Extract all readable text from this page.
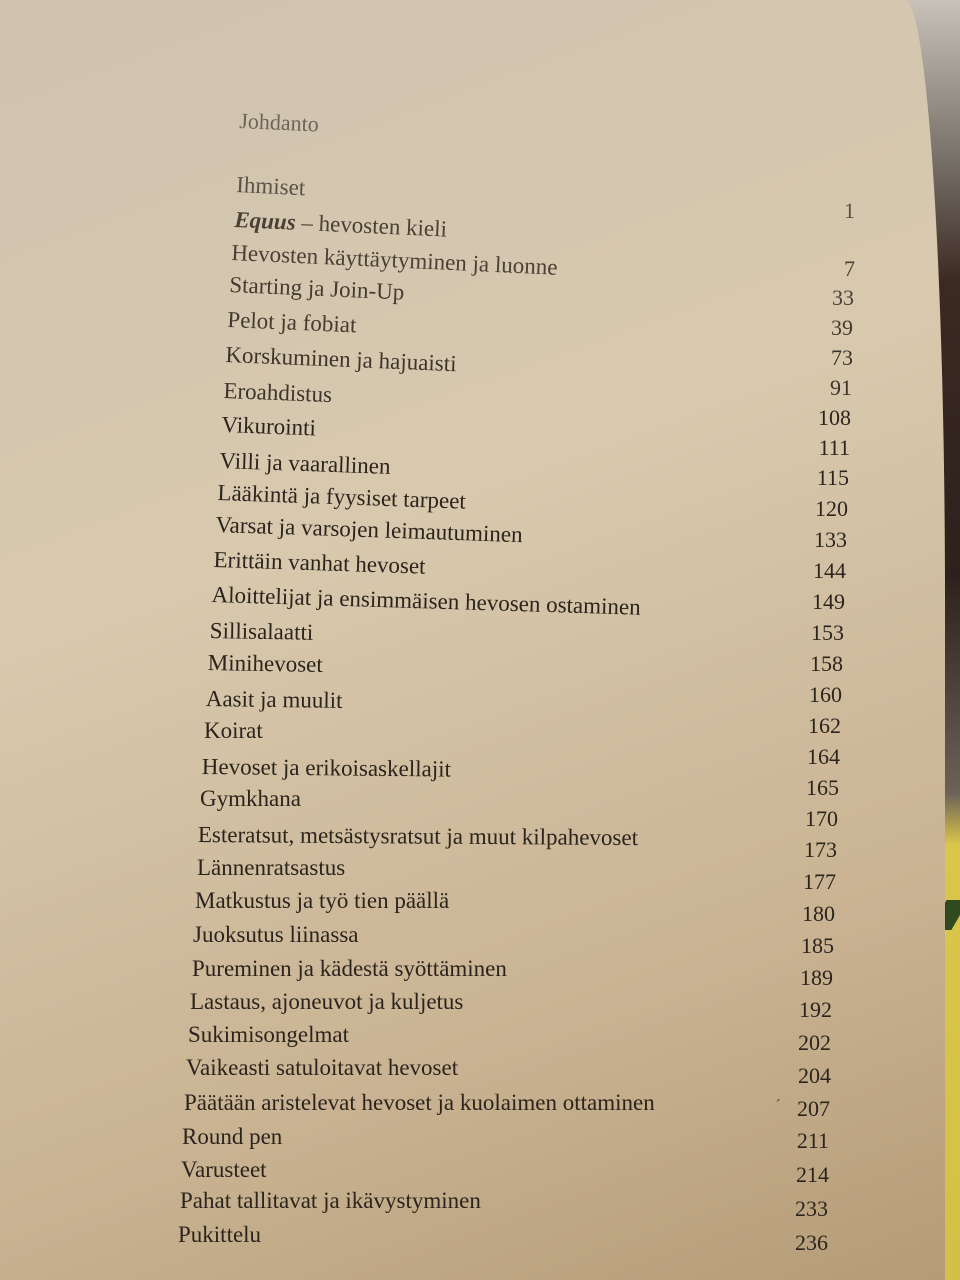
Johdanto
Ihmiset
Equus – hevosten kieli
Hevosten käyttäytyminen ja luonne
Starting ja Join-Up
Pelot ja fobiat
Korskuminen ja hajuaisti
Eroahdistus
Vikurointi
Villi ja vaarallinen
Lääkintä ja fyysiset tarpeet
Varsat ja varsojen leimautuminen
Erittäin vanhat hevoset
Aloittelijat ja ensimmäisen hevosen ostaminen
Sillisalaatti
Minihevoset
Aasit ja muulit
Koirat
Hevoset ja erikoisaskellajit
Gymkhana
Esteratsut, metsästysratsut ja muut kilpahevoset
Lännenratsastus
Matkustus ja työ tien päällä
Juoksutus liinassa
Pureminen ja kädestä syöttäminen
Lastaus, ajoneuvot ja kuljetus
Sukimisongelmat
Vaikeasti satuloitavat hevoset
Päätään aristelevat hevoset ja kuolaimen ottaminen
Round pen
Varusteet
Pahat tallitavat ja ikävystyminen
Pukittelu
´
1
7
33
39
73
91
108
111
115
120
133
144
149
153
158
160
162
164
165
170
173
177
180
185
189
192
202
204
207
211
214
233
236
